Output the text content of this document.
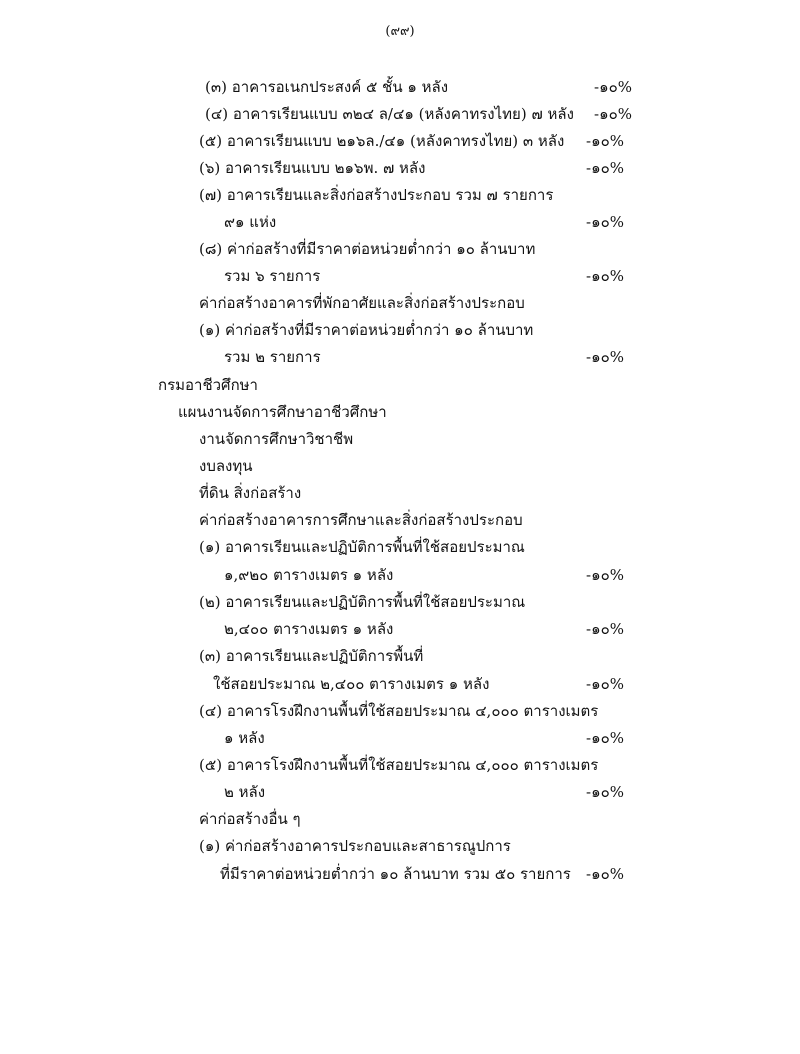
(๙๙)
(๓) อาคารอเนกประสงค์ ๕ ชั้น ๑ หลัง	-๑๐%
(๔) อาคารเรียนแบบ ๓๒๔ ล/๔๑ (หลังคาทรงไทย) ๗ หลัง -๑๐%
(๕) อาคารเรียนแบบ ๒๑๖ล./๔๑ (หลังคาทรงไทย) ๓ หลัง -๑๐%
(๖) อาคารเรียนแบบ ๒๑๖พ. ๗ หลัง	-๑๐%
(๗) อาคารเรียนและสิ่งก่อสร้างประกอบ รวม ๗ รายการ
๙๑ แห่ง	-๑๐%
(๘) ค่าก่อสร้างที่มีราคาต่อหน่วยต่ำกว่า ๑๐ ล้านบาท
รวม ๖ รายการ	-๑๐%
ค่าก่อสร้างอาคารที่พักอาศัยและสิ่งก่อสร้างประกอบ
(๑) ค่าก่อสร้างที่มีราคาต่อหน่วยต่ำกว่า ๑๐ ล้านบาท
รวม ๒ รายการ	-๑๐%
กรมอาชีวศึกษา
แผนงานจัดการศึกษาอาชีวศึกษา
งานจัดการศึกษาวิชาชีพ
งบลงทุน
ที่ดิน สิ่งก่อสร้าง
ค่าก่อสร้างอาคารการศึกษาและสิ่งก่อสร้างประกอบ
(๑) อาคารเรียนและปฏิบัติการพื้นที่ใช้สอยประมาณ
๑,๙๒๐ ตารางเมตร ๑ หลัง	-๑๐%
(๒) อาคารเรียนและปฏิบัติการพื้นที่ใช้สอยประมาณ
๒,๔๐๐ ตารางเมตร ๑ หลัง	-๑๐%
(๓) อาคารเรียนและปฏิบัติการพื้นที่
ใช้สอยประมาณ ๒,๔๐๐ ตารางเมตร ๑ หลัง	-๑๐%
(๔) อาคารโรงฝึกงานพื้นที่ใช้สอยประมาณ ๔,๐๐๐ ตารางเมตร
๑ หลัง	-๑๐%
(๕) อาคารโรงฝึกงานพื้นที่ใช้สอยประมาณ ๔,๐๐๐ ตารางเมตร
๒ หลัง	-๑๐%
ค่าก่อสร้างอื่น ๆ
(๑) ค่าก่อสร้างอาคารประกอบและสาธารณูปการ
ที่มีราคาต่อหน่วยต่ำกว่า ๑๐ ล้านบาท รวม ๕๐ รายการ -๑๐%
